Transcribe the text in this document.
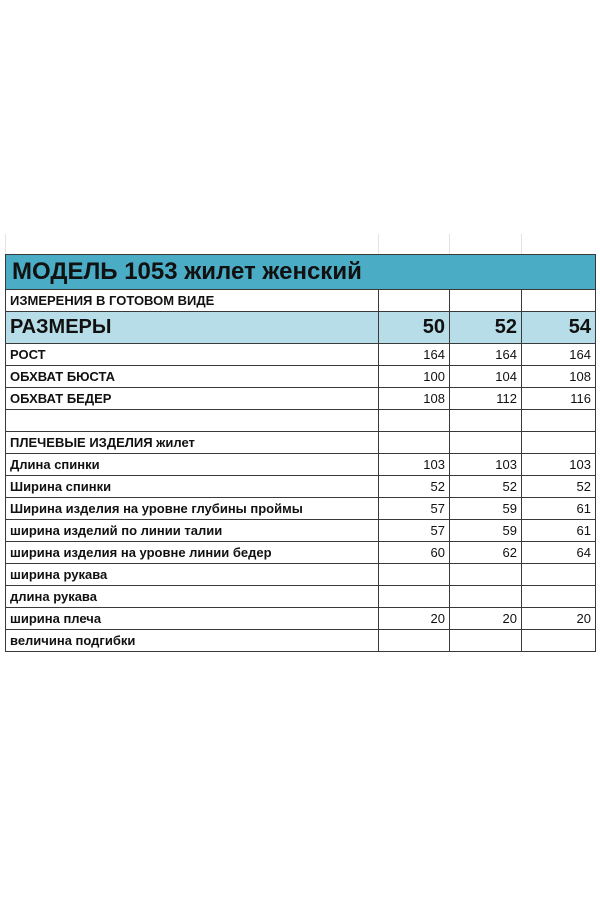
МОДЕЛЬ 1053 жилет женский
ИЗМЕРЕНИЯ В ГОТОВОМ ВИДЕ
РАЗМЕРЫ	50	52	54
РОСТ	164	164	164
ОБХВАТ БЮСТА	100	104	108
ОБХВАТ БЕДЕР	108	112	116
ПЛЕЧЕВЫЕ ИЗДЕЛИЯ жилет
Длина спинки	103	103	103
Ширина спинки	52	52	52
Ширина изделия на уровне глубины проймы	57	59	61
ширина изделий по линии талии	57	59	61
ширина изделия на уровне линии бедер	60	62	64
ширина рукава
длина рукава
ширина плеча	20	20	20
величина подгибки
